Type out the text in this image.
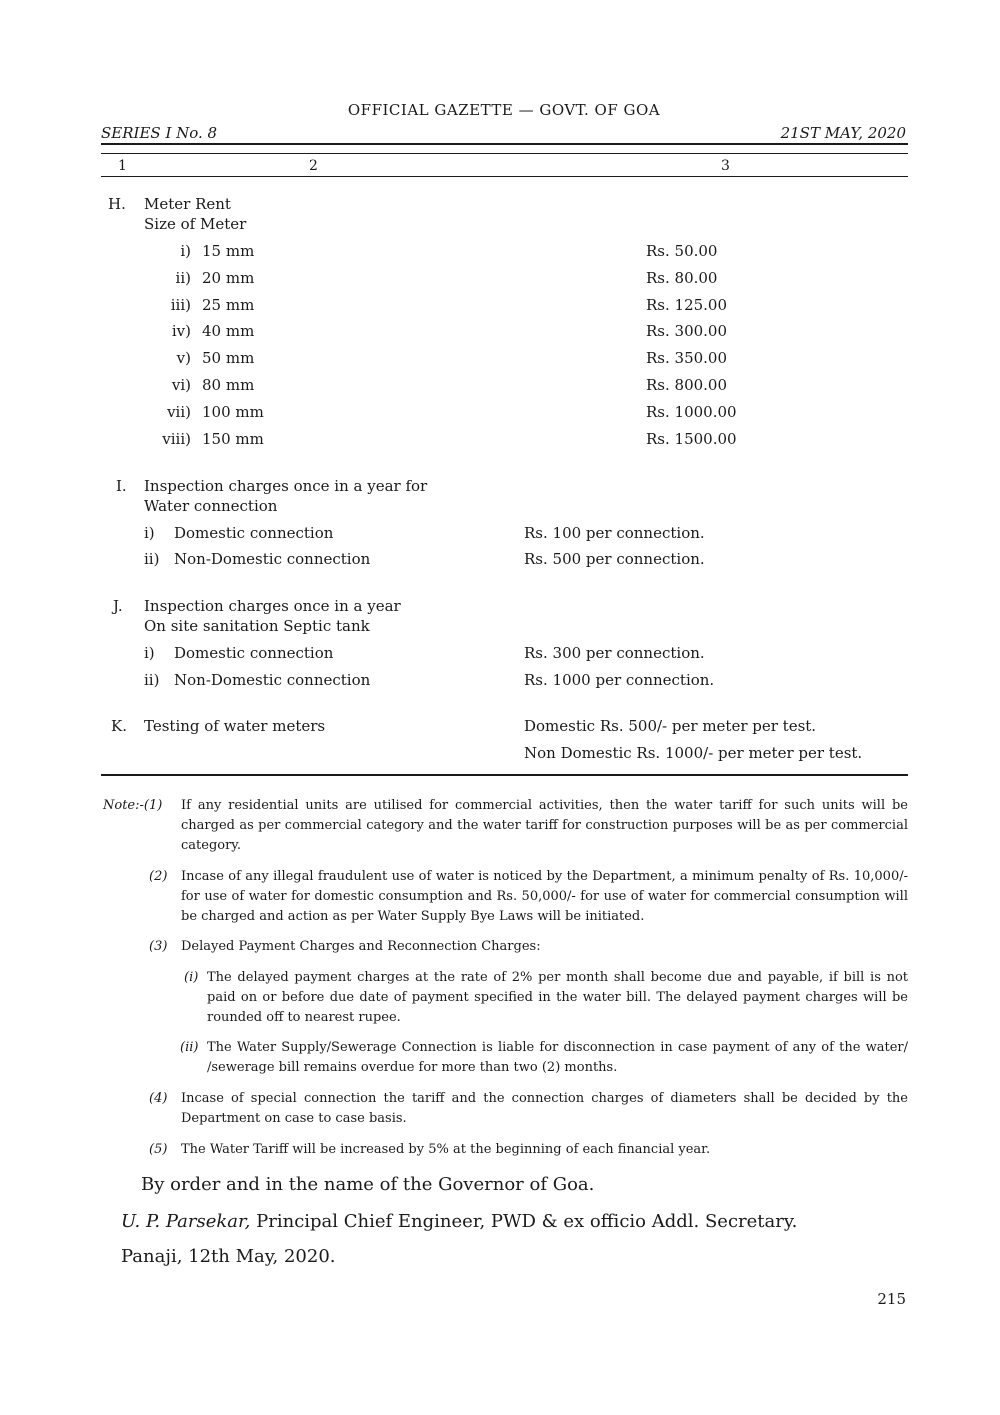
OFFICIAL GAZETTE — GOVT. OF GOA
SERIES I No. 8	21ST MAY, 2020
1	2	3
H. Meter Rent
Size of Meter
i) 15 mm	Rs. 50.00
ii) 20 mm	Rs. 80.00
iii) 25 mm	Rs. 125.00
iv) 40 mm	Rs. 300.00
v) 50 mm	Rs. 350.00
vi) 80 mm	Rs. 800.00
vii) 100 mm	Rs. 1000.00
viii) 150 mm	Rs. 1500.00
I. Inspection charges once in a year for
Water connection
i) Domestic connection	Rs. 100 per connection.
ii) Non-Domestic connection	Rs. 500 per connection.
J. Inspection charges once in a year
On site sanitation Septic tank
i) Domestic connection	Rs. 300 per connection.
ii) Non-Domestic connection	Rs. 1000 per connection.
K. Testing of water meters	Domestic Rs. 500/- per meter per test.
Non Domestic Rs. 1000/- per meter per test.
Note:-(1) If any residential units are utilised for commercial activities, then the water tariff for such units will be charged as per commercial category and the water tariff for construction purposes will be as per commercial category.
(2) Incase of any illegal fraudulent use of water is noticed by the Department, a minimum penalty of Rs. 10,000/- for use of water for domestic consumption and Rs. 50,000/- for use of water for commercial consumption will be charged and action as per Water Supply Bye Laws will be initiated.
(3) Delayed Payment Charges and Reconnection Charges:
(i) The delayed payment charges at the rate of 2% per month shall become due and payable, if bill is not paid on or before due date of payment specified in the water bill. The delayed payment charges will be rounded off to nearest rupee.
(ii) The Water Supply/Sewerage Connection is liable for disconnection in case payment of any of the water/ /sewerage bill remains overdue for more than two (2) months.
(4) Incase of special connection the tariff and the connection charges of diameters shall be decided by the Department on case to case basis.
(5) The Water Tariff will be increased by 5% at the beginning of each financial year.
By order and in the name of the Governor of Goa.
U. P. Parsekar, Principal Chief Engineer, PWD & ex officio Addl. Secretary.
Panaji, 12th May, 2020.
215
